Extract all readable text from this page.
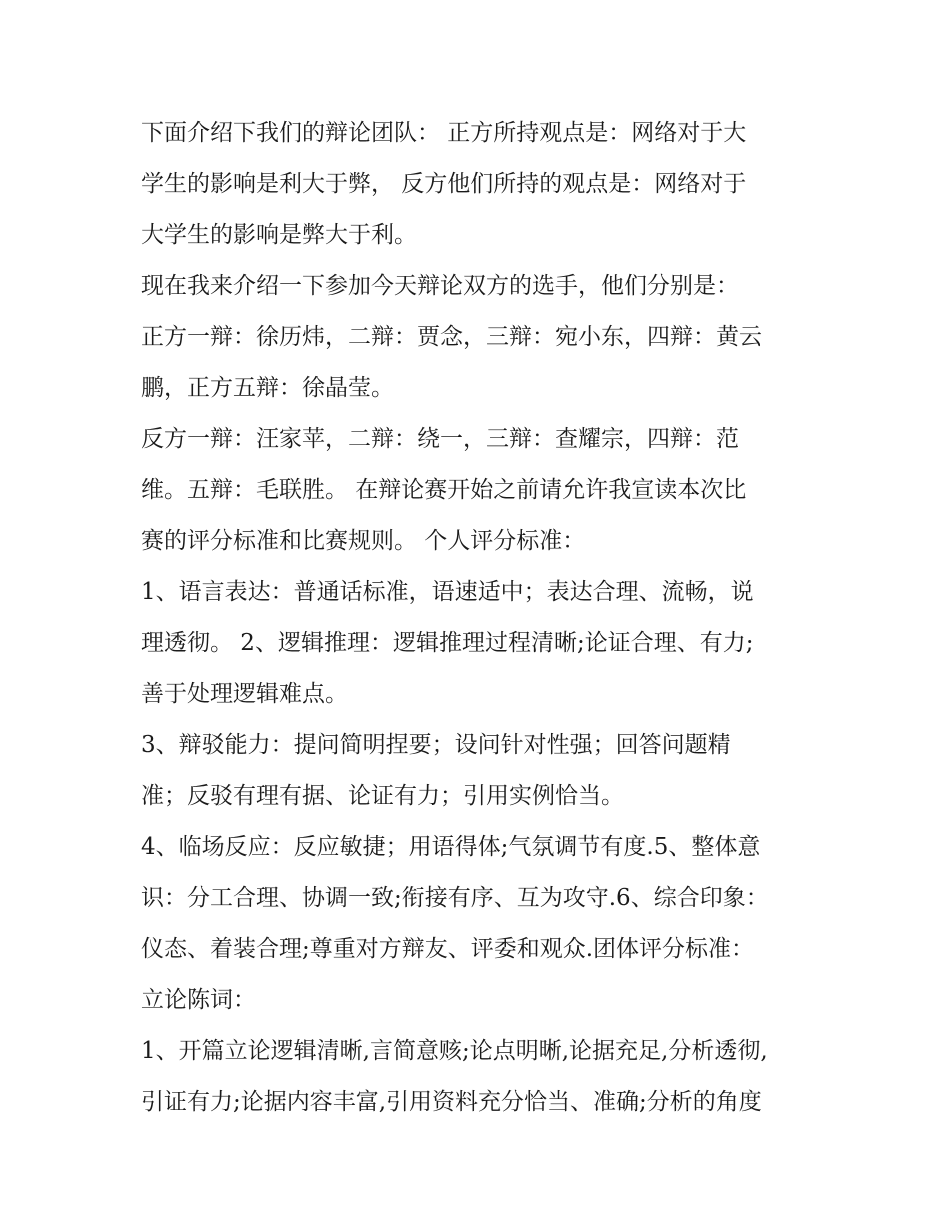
下面介绍下我们的辩论团队： 正方所持观点是：网络对于大
学生的影响是利大于弊， 反方他们所持的观点是：网络对于
大学生的影响是弊大于利。
现在我来介绍一下参加今天辩论双方的选手，他们分别是：
正方一辩：徐历炜，二辩：贾念，三辩：宛小东，四辩：黄云
鹏，正方五辩：徐晶莹。
反方一辩：汪家苹，二辩：绕一，三辩：查耀宗，四辩：范
维。五辩：毛联胜。 在辩论赛开始之前请允许我宣读本次比
赛的评分标准和比赛规则。 个人评分标准：
1、语言表达：普通话标准，语速适中；表达合理、流畅，说
理透彻。 2、逻辑推理：逻辑推理过程清晰;论证合理、有力;
善于处理逻辑难点。
3、辩驳能力：提问简明捏要；设问针对性强；回答问题精
准；反驳有理有据、论证有力；引用实例恰当。
4、临场反应：反应敏捷；用语得体;气氛调节有度.5、整体意
识：分工合理、协调一致;衔接有序、互为攻守.6、综合印象：
仪态、着装合理;尊重对方辩友、评委和观众.团体评分标准：
立论陈词：
1、开篇立论逻辑清晰,言简意赅;论点明晰,论据充足,分析透彻,
引证有力;论据内容丰富,引用资料充分恰当、准确;分析的角度
